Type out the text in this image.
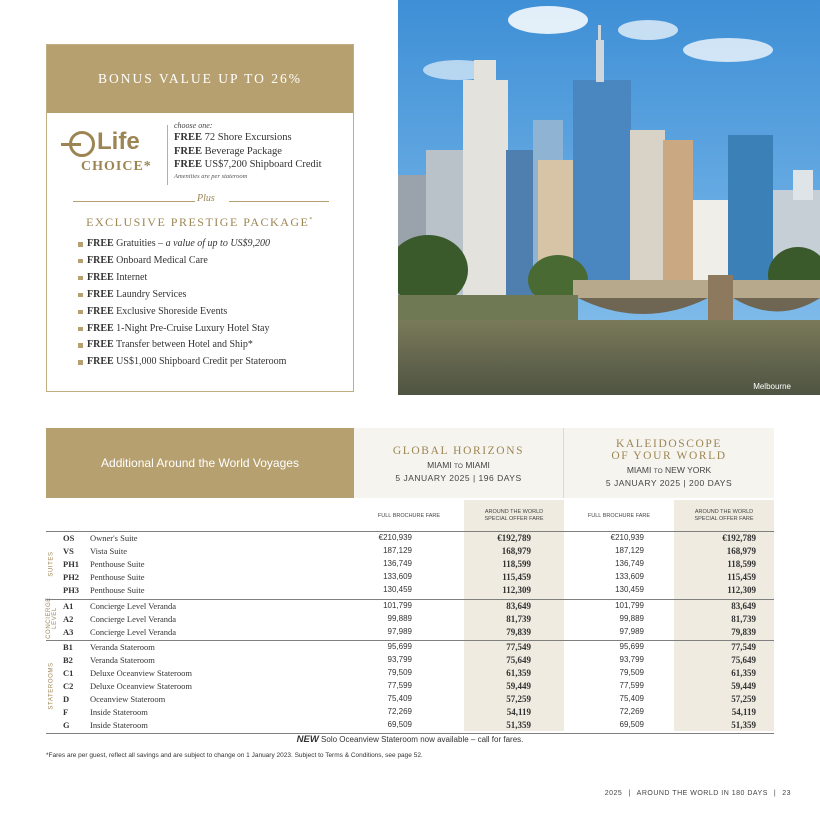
BONUS VALUE UP TO 26%
Life
CHOICE*
choose one:
FREE 72 Shore Excursions
FREE Beverage Package
FREE US$7,200 Shipboard Credit
Amenities are per stateroom
Plus
EXCLUSIVE PRESTIGE PACKAGE*
FREE Gratuities – a value of up to US$9,200
FREE Onboard Medical Care
FREE Internet
FREE Laundry Services
FREE Exclusive Shoreside Events
FREE 1-Night Pre-Cruise Luxury Hotel Stay
FREE Transfer between Hotel and Ship*
FREE US$1,000 Shipboard Credit per Stateroom
Melbourne
Additional Around the World Voyages
GLOBAL HORIZONS
MIAMI TO MIAMI
5 JANUARY 2025 | 196 DAYS
KALEIDOSCOPE
OF YOUR WORLD
MIAMI TO NEW YORK
5 JANUARY 2025 | 200 DAYS
FULL BROCHURE FARE
AROUND THE WORLD
SPECIAL OFFER FARE	FULL BROCHURE FARE
AROUND THE WORLD
SPECIAL OFFER FARE
OS Owner's Suite	€210,939	€192,789	€210,939	€192,789
VS Vista Suite	187,129	168,979	187,129	168,979
PH1 Penthouse Suite	136,749	118,599	136,749	118,599
PH2 Penthouse Suite	133,609	115,459	133,609	115,459
PH3 Penthouse Suite	130,459	112,309	130,459	112,309
SUITES
A1 Concierge Level Veranda	101,799	83,649	101,799	83,649
A2 Concierge Level Veranda	99,889	81,739	99,889	81,739
A3 Concierge Level Veranda	97,989	79,839	97,989	79,839
CONCIERGE LEVEL
B1 Veranda Stateroom	95,699	77,549	95,699	77,549
B2 Veranda Stateroom	93,799	75,649	93,799	75,649
C1 Deluxe Oceanview Stateroom	79,509	61,359	79,509	61,359
C2 Deluxe Oceanview Stateroom	77,599	59,449	77,599	59,449
D Oceanview Stateroom	75,409	57,259	75,409	57,259
F	Inside Stateroom	72,269	54,119	72,269	54,119
G Inside Stateroom	69,509	51,359	69,509	51,359
STATEROOMS
NEW Solo Oceanview Stateroom now available – call for fares.
*Fares are per guest, reflect all savings and are subject to change on 1 January 2023. Subject to Terms & Conditions, see page 52.
2025 | AROUND THE WORLD IN 180 DAYS | 23
